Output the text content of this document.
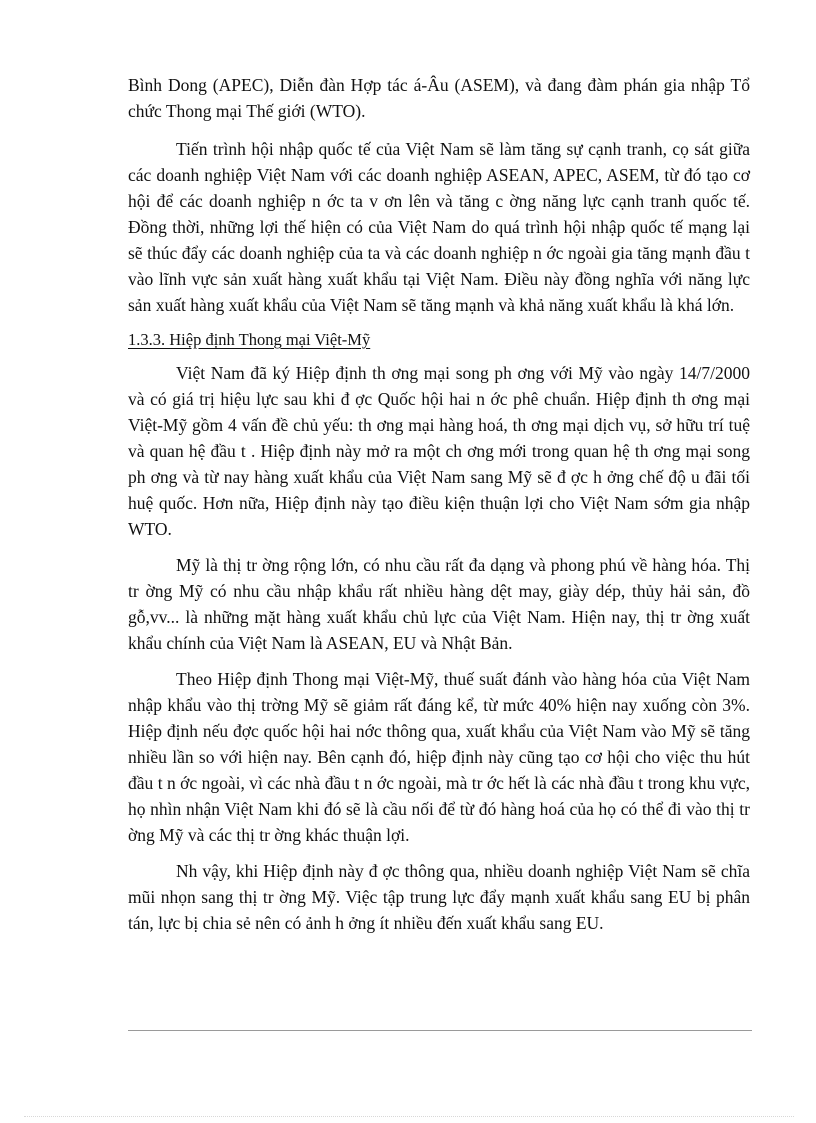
Bình Dong (APEC), Diễn đàn Hợp tác á-Âu (ASEM), và đang đàm phán gia nhập Tổ chức Thong mại Thế giới (WTO).

Tiến trình hội nhập quốc tế của Việt Nam sẽ làm tăng sự cạnh tranh, cọ sát giữa các doanh nghiệp Việt Nam với các doanh nghiệp ASEAN, APEC, ASEM, từ đó tạo cơ hội để các doanh nghiệp n ớc ta v ơn lên và tăng c ờng năng lực cạnh tranh quốc tế. Đồng thời, những lợi thế hiện có của Việt Nam do quá trình hội nhập quốc tế mạng lại sẽ thúc đẩy các doanh nghiệp của ta và các doanh nghiệp n ớc ngoài gia tăng mạnh đầu t vào lĩnh vực sản xuất hàng xuất khẩu tại Việt Nam. Điều này đồng nghĩa với năng lực sản xuất hàng xuất khẩu của Việt Nam sẽ tăng mạnh và khả năng xuất khẩu là khá lớn.

1.3.3. Hiệp định Thong mại Việt-Mỹ

Việt Nam đã ký Hiệp định th ơng mại song ph ơng với Mỹ vào ngày 14/7/2000 và có giá trị hiệu lực sau khi đ ợc Quốc hội hai n ớc phê chuẩn. Hiệp định th ơng mại Việt-Mỹ gồm 4 vấn đề chủ yếu: th ơng mại hàng hoá, th ơng mại dịch vụ, sở hữu trí tuệ và quan hệ đầu t . Hiệp định này mở ra một ch ơng mới trong quan hệ th ơng mại song ph ơng và từ nay hàng xuất khẩu của Việt Nam sang Mỹ sẽ đ ợc h ởng chế độ u đãi tối huệ quốc. Hơn nữa, Hiệp định này tạo điều kiện thuận lợi cho Việt Nam sớm gia nhập WTO.

Mỹ là thị tr ờng rộng lớn, có nhu cầu rất đa dạng và phong phú về hàng hóa. Thị tr ờng Mỹ có nhu cầu nhập khẩu rất nhiều hàng dệt may, giày dép, thủy hải sản, đồ gỗ,vv... là những mặt hàng xuất khẩu chủ lực của Việt Nam. Hiện nay, thị tr ờng xuất khẩu chính của Việt Nam là ASEAN, EU và Nhật Bản.

Theo Hiệp định Thong mại Việt-Mỹ, thuế suất đánh vào hàng hóa của Việt Nam nhập khẩu vào thị trờng Mỹ sẽ giảm rất đáng kể, từ mức 40% hiện nay xuống còn 3%. Hiệp định nếu đợc quốc hội hai nớc thông qua, xuất khẩu của Việt Nam vào Mỹ sẽ tăng nhiều lần so với hiện nay. Bên cạnh đó, hiệp định này cũng tạo cơ hội cho việc thu hút đầu t n ớc ngoài, vì các nhà đầu t n ớc ngoài, mà tr ớc hết là các nhà đầu t trong khu vực, họ nhìn nhận Việt Nam khi đó sẽ là cầu nối để từ đó hàng hoá của họ có thể đi vào thị tr ờng Mỹ và các thị tr ờng khác thuận lợi.

Nh vậy, khi Hiệp định này đ ợc thông qua, nhiều doanh nghiệp Việt Nam sẽ chĩa mũi nhọn sang thị tr ờng Mỹ. Việc tập trung lực đẩy mạnh xuất khẩu sang EU bị phân tán, lực bị chia sẻ nên có ảnh h ởng ít nhiều đến xuất khẩu sang EU.
